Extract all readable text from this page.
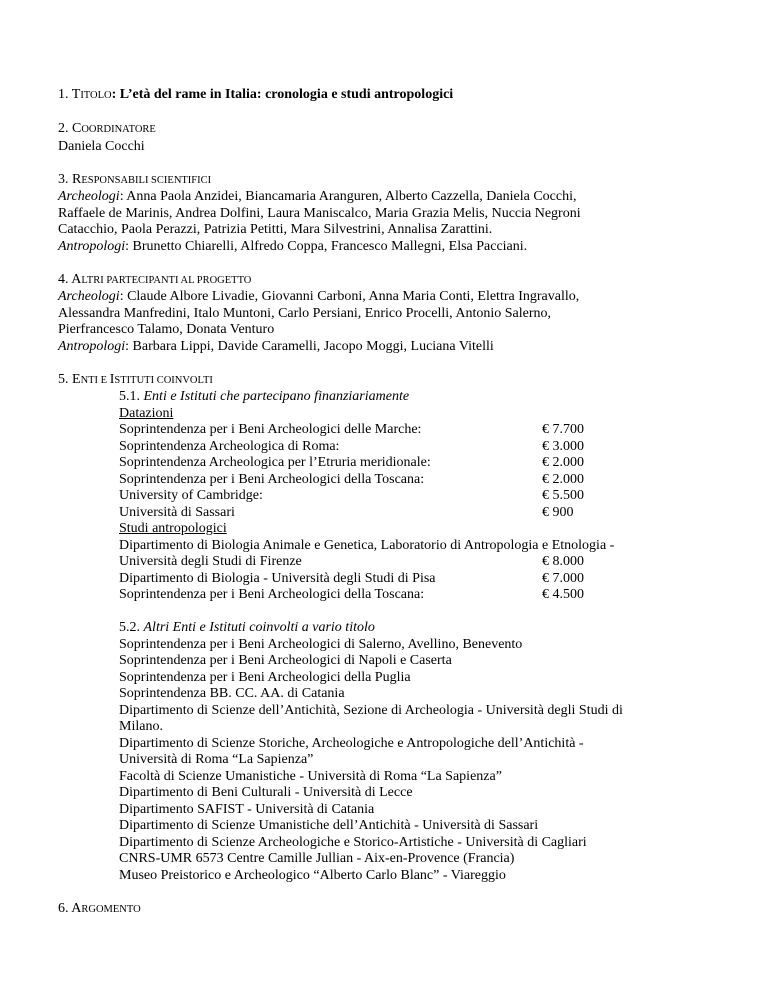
1. TITOLO: L’età del rame in Italia: cronologia e studi antropologici
2. COORDINATORE
Daniela Cocchi
3. RESPONSABILI SCIENTIFICI
Archeologi: Anna Paola Anzidei, Biancamaria Aranguren, Alberto Cazzella, Daniela Cocchi,
Raffaele de Marinis, Andrea Dolfini, Laura Maniscalco, Maria Grazia Melis, Nuccia Negroni
Catacchio, Paola Perazzi, Patrizia Petitti, Mara Silvestrini, Annalisa Zarattini.
Antropologi: Brunetto Chiarelli, Alfredo Coppa, Francesco Mallegni, Elsa Pacciani.
4. ALTRI PARTECIPANTI AL PROGETTO
Archeologi: Claude Albore Livadie, Giovanni Carboni, Anna Maria Conti, Elettra Ingravallo,
Alessandra Manfredini, Italo Muntoni, Carlo Persiani, Enrico Procelli, Antonio Salerno,
Pierfrancesco Talamo, Donata Venturo
Antropologi: Barbara Lippi, Davide Caramelli, Jacopo Moggi, Luciana Vitelli
5. ENTI E ISTITUTI COINVOLTI
5.1. Enti e Istituti che partecipano finanziariamente
Datazioni
Soprintendenza per i Beni Archeologici delle Marche:	€ 7.700
Soprintendenza Archeologica di Roma:	€ 3.000
Soprintendenza Archeologica per l’Etruria meridionale:	€ 2.000
Soprintendenza per i Beni Archeologici della Toscana:	€ 2.000
University of Cambridge:	€ 5.500
Università di Sassari	€ 900
Studi antropologici
Dipartimento di Biologia Animale e Genetica, Laboratorio di Antropologia e Etnologia -
Università degli Studi di Firenze	€ 8.000
Dipartimento di Biologia - Università degli Studi di Pisa	€ 7.000
Soprintendenza per i Beni Archeologici della Toscana:	€ 4.500
5.2. Altri Enti e Istituti coinvolti a vario titolo
Soprintendenza per i Beni Archeologici di Salerno, Avellino, Benevento
Soprintendenza per i Beni Archeologici di Napoli e Caserta
Soprintendenza per i Beni Archeologici della Puglia
Soprintendenza BB. CC. AA. di Catania
Dipartimento di Scienze dell’Antichità, Sezione di Archeologia - Università degli Studi di
Milano.
Dipartimento di Scienze Storiche, Archeologiche e Antropologiche dell’Antichità -
Università di Roma “La Sapienza”
Facoltà di Scienze Umanistiche - Università di Roma “La Sapienza”
Dipartimento di Beni Culturali - Università di Lecce
Dipartimento SAFIST - Università di Catania
Dipartimento di Scienze Umanistiche dell’Antichità - Università di Sassari
Dipartimento di Scienze Archeologiche e Storico-Artistiche - Università di Cagliari
CNRS-UMR 6573 Centre Camille Jullian - Aix-en-Provence (Francia)
Museo Preistorico e Archeologico “Alberto Carlo Blanc” - Viareggio
6. ARGOMENTO
